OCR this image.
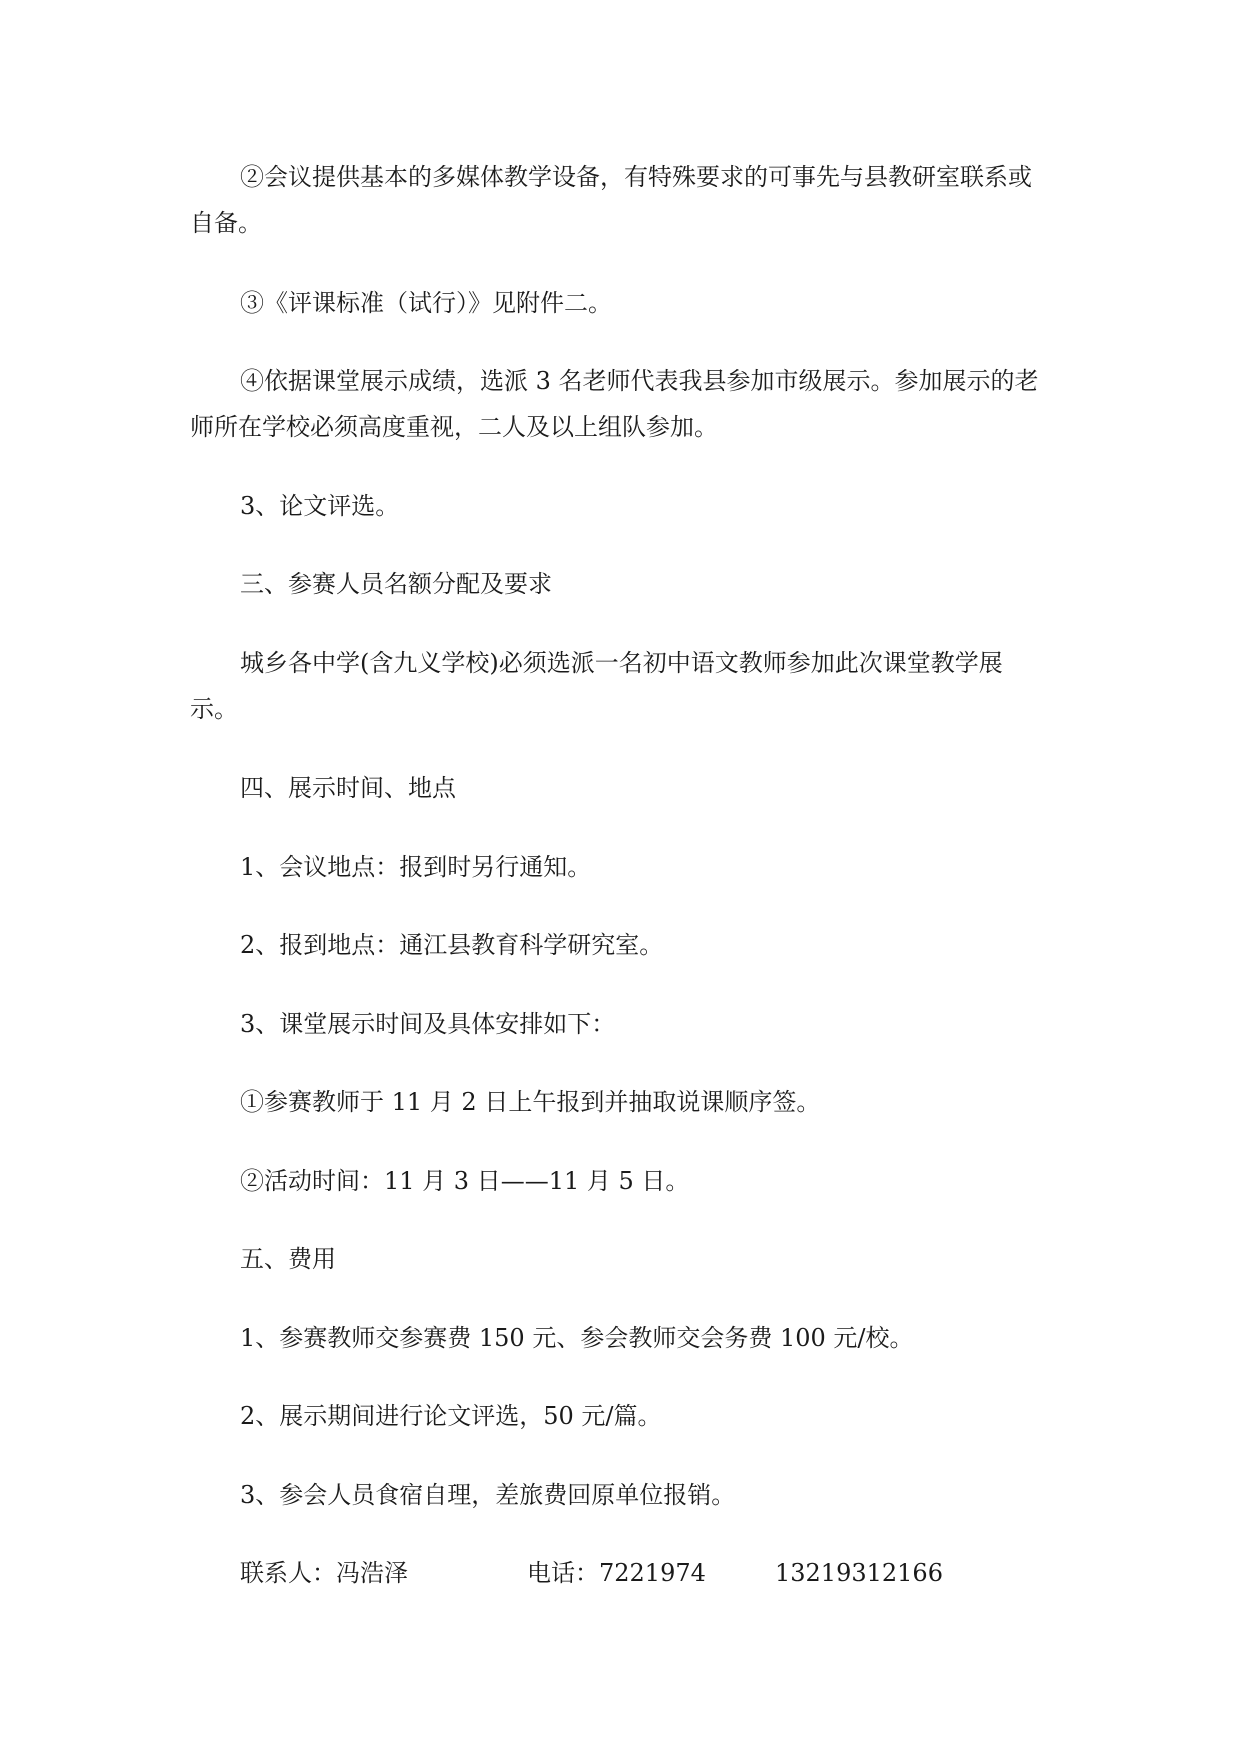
②会议提供基本的多媒体教学设备，有特殊要求的可事先与县教研室联系或
自备。
③《评课标准（试行）》见附件二。
④依据课堂展示成绩，选派 3 名老师代表我县参加市级展示。参加展示的老
师所在学校必须高度重视，二人及以上组队参加。
3、论文评选。
三、参赛人员名额分配及要求
城乡各中学(含九义学校)必须选派一名初中语文教师参加此次课堂教学展
示。
四、展示时间、地点
1、会议地点：报到时另行通知。
2、报到地点：通江县教育科学研究室。
3、课堂展示时间及具体安排如下：
①参赛教师于 11 月 2 日上午报到并抽取说课顺序签。
②活动时间：11 月 3 日——11 月 5 日。
五、费用
1、参赛教师交参赛费 150 元、参会教师交会务费 100 元/校。
2、展示期间进行论文评选，50 元/篇。
3、参会人员食宿自理，差旅费回原单位报销。
联系人：冯浩泽	电话：7221974	13219312166
